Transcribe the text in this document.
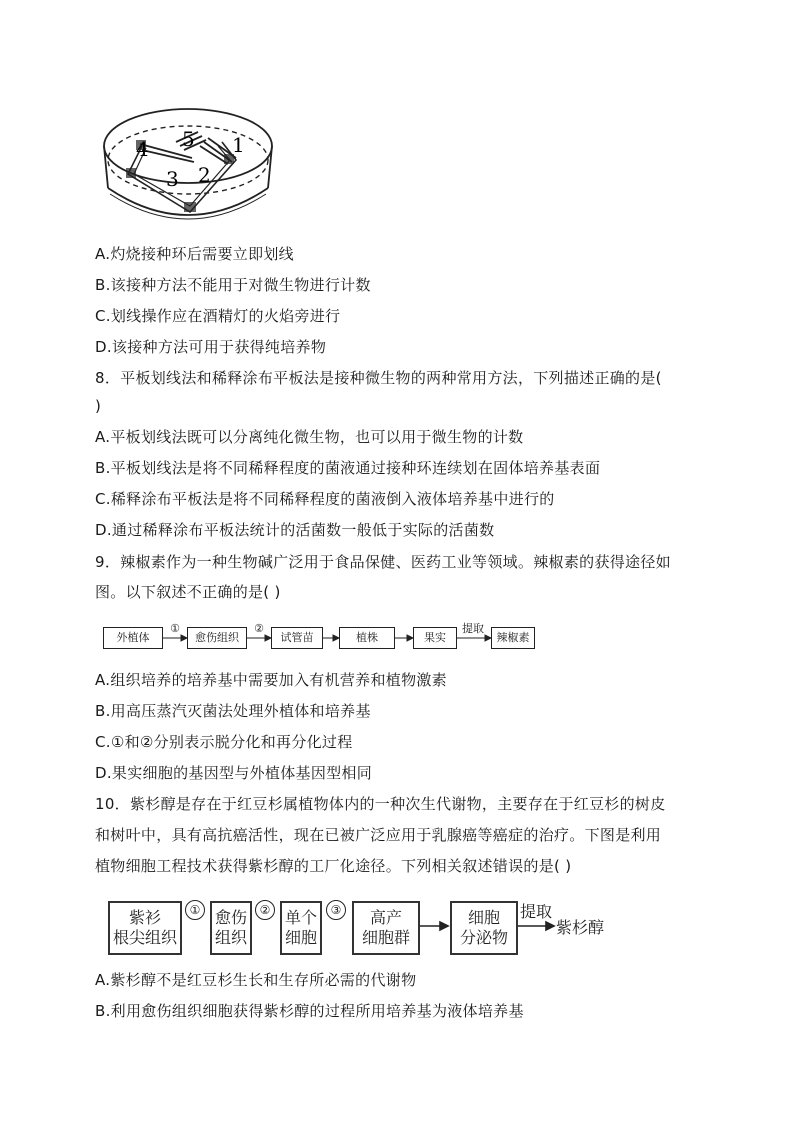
1
2
3
4 5
A.灼烧接种环后需要立即划线
B.该接种方法不能用于对微生物进行计数
C.划线操作应在酒精灯的火焰旁进行
D.该接种方法可用于获得纯培养物
8．平板划线法和稀释涂布平板法是接种微生物的两种常用方法，下列描述正确的是(
)
A.平板划线法既可以分离纯化微生物，也可以用于微生物的计数
B.平板划线法是将不同稀释程度的菌液通过接种环连续划在固体培养基表面
C.稀释涂布平板法是将不同稀释程度的菌液倒入液体培养基中进行的
D.通过稀释涂布平板法统计的活菌数一般低于实际的活菌数
9．辣椒素作为一种生物碱广泛用于食品保健、医药工业等领域。辣椒素的获得途径如
图。以下叙述不正确的是( )
外植体	愈伤组织	试管苗	植株	果实	辣椒素
①	②	提取
A.组织培养的培养基中需要加入有机营养和植物激素
B.用高压蒸汽灭菌法处理外植体和培养基
C.①和②分别表示脱分化和再分化过程
D.果实细胞的基因型与外植体基因型相同
10．紫杉醇是存在于红豆杉属植物体内的一种次生代谢物，主要存在于红豆杉的树皮
和树叶中，具有高抗癌活性，现在已被广泛应用于乳腺癌等癌症的治疗。下图是利用
植物细胞工程技术获得紫杉醇的工厂化途径。下列相关叙述错误的是( )
紫衫
根尖组织
愈伤
组织
单个
细胞
高产
细胞群
细胞
分泌物
①	②	③	提取
紫杉醇
A.紫杉醇不是红豆杉生长和生存所必需的代谢物
B.利用愈伤组织细胞获得紫杉醇的过程所用培养基为液体培养基
